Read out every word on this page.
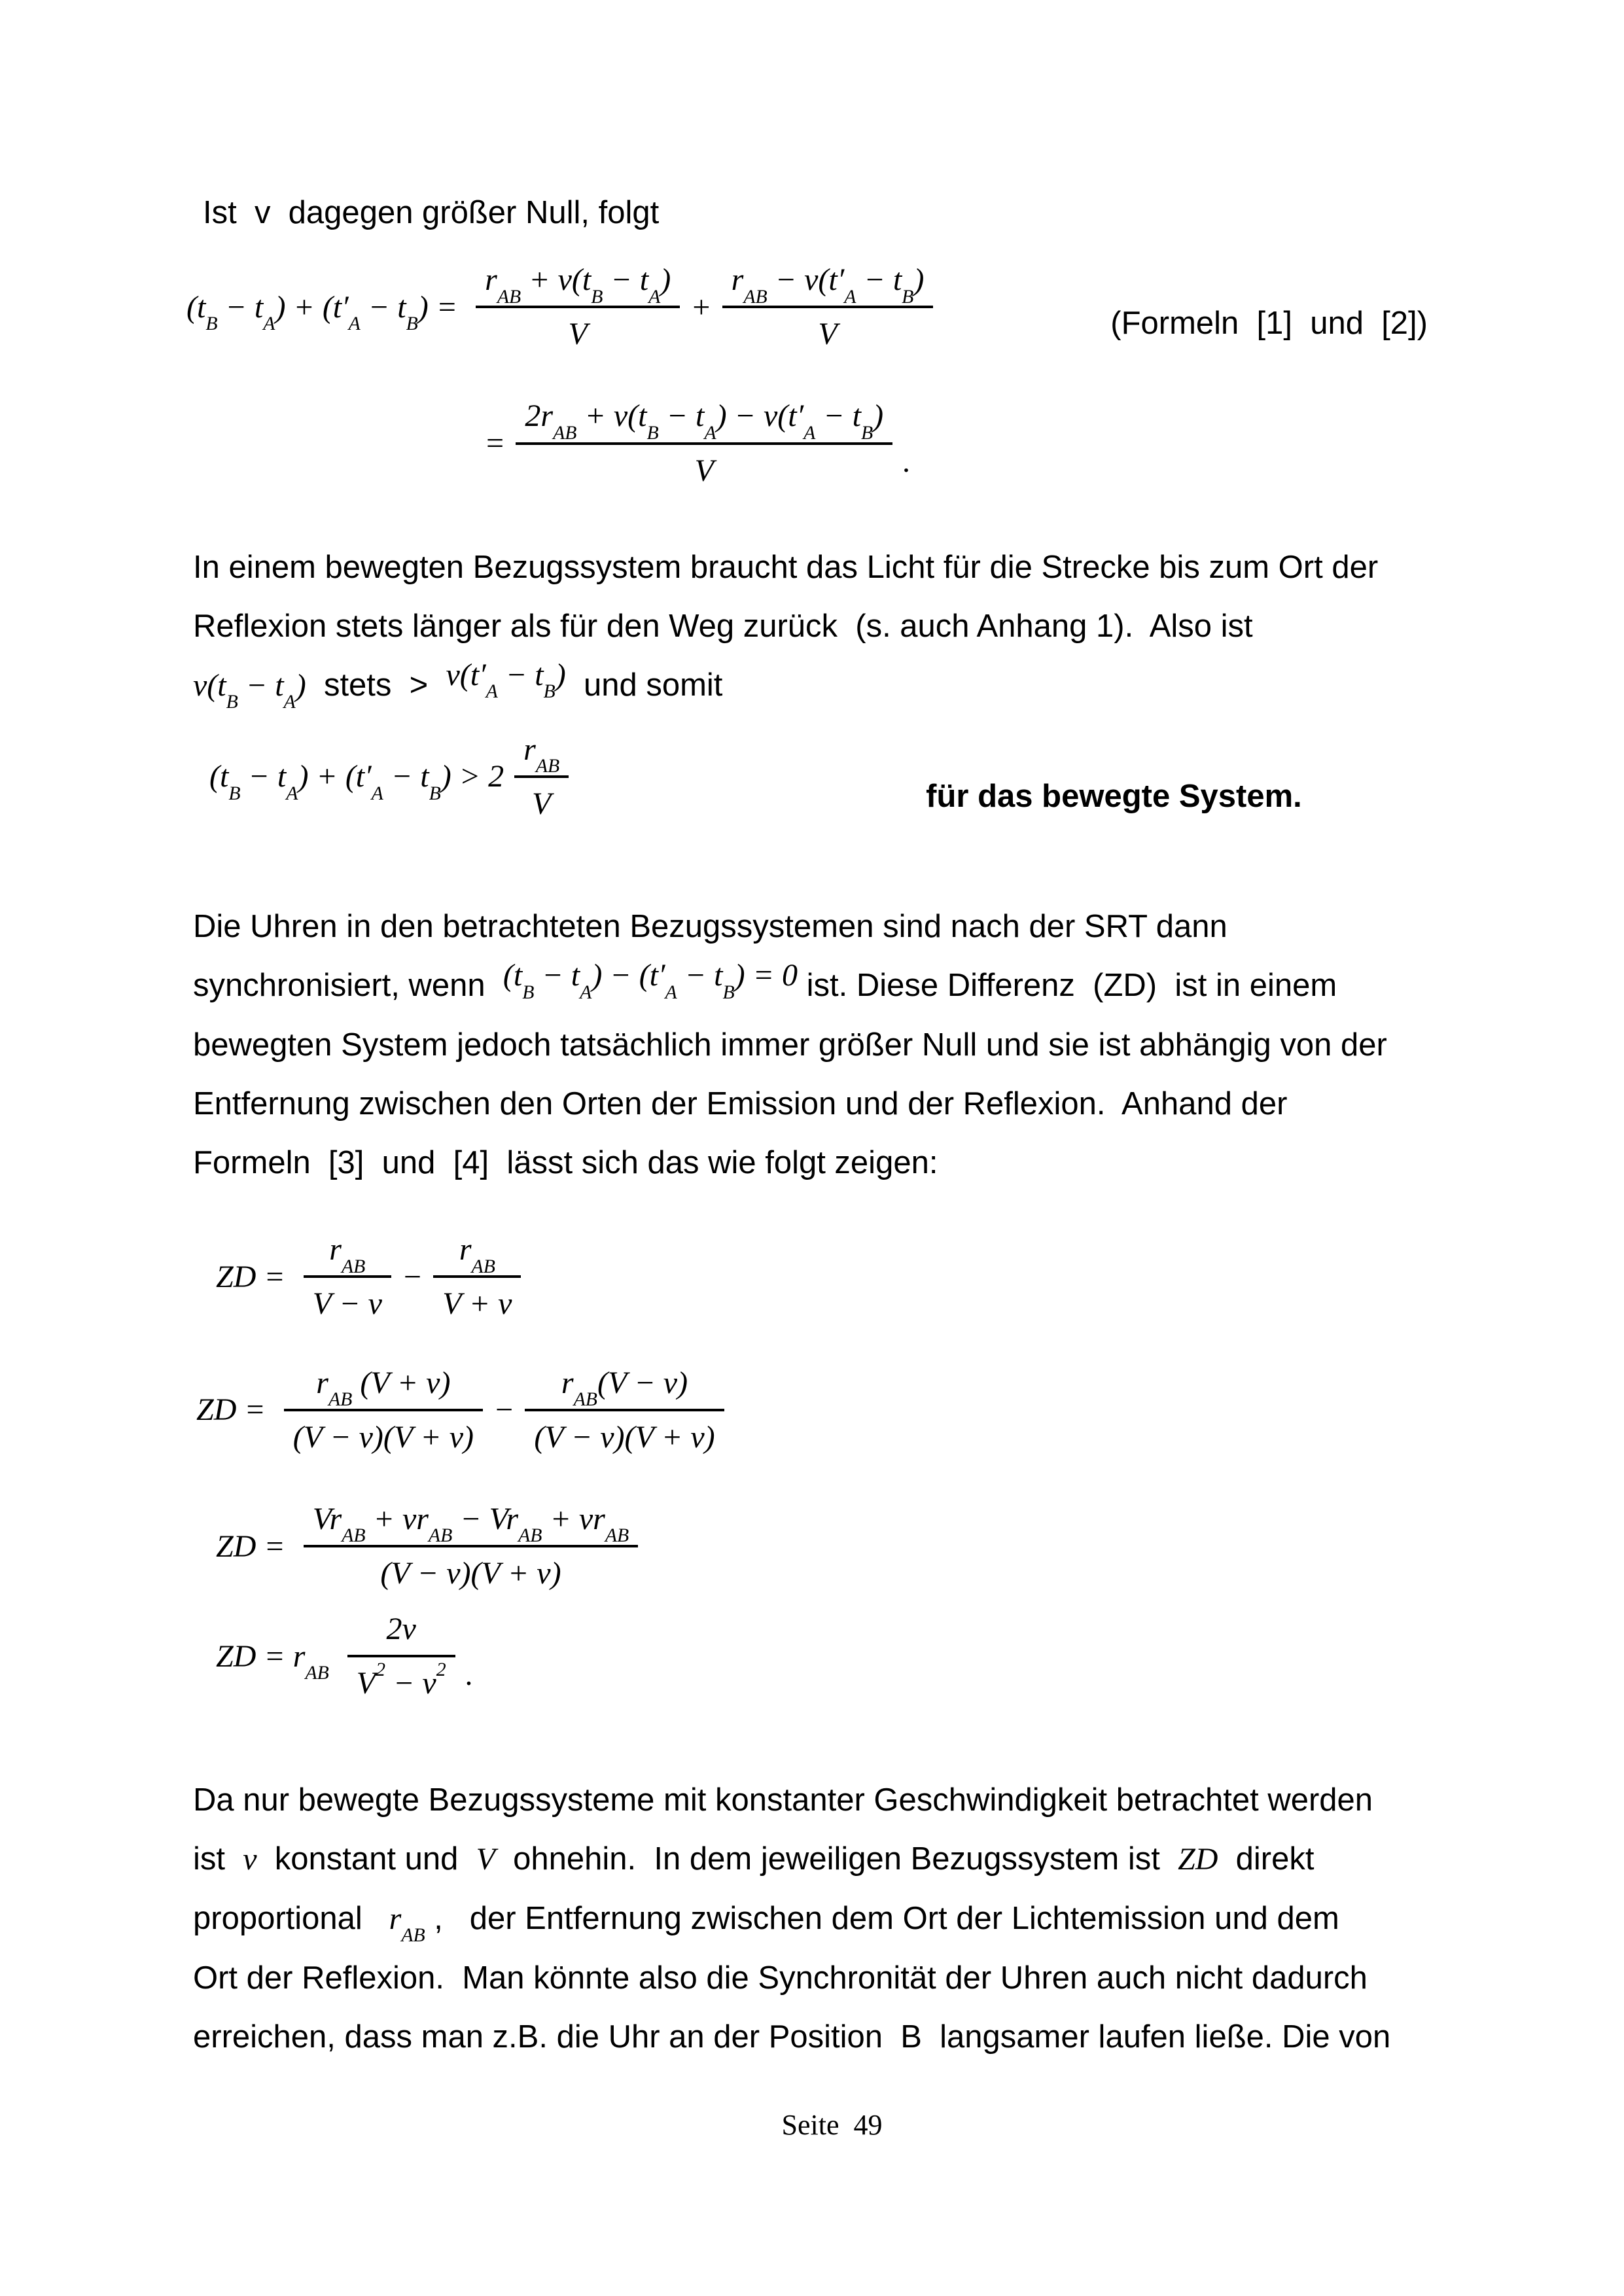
Ist  v  dagegen größer Null, folgt
$(t_B - t_A) + (t'_A - t_B) = \frac{r_{AB} + v(t_B - t_A)}{V} + \frac{r_{AB} - v(t'_A - t_B)}{V}$	(Formeln  [1]  und  [2])
= $\frac{2r_{AB} + v(t_B - t_A) - v(t'_A - t_B)}{V}$ .
In einem bewegten Bezugssystem braucht das Licht für die Strecke bis zum Ort der
Reflexion stets länger als für den Weg zurück  (s. auch Anhang 1).  Also ist
$v(t_B - t_A)$  stets  >  $v(t'_A - t_B)$  und somit
$(t_B - t_A) + (t'_A - t_B) > 2 \frac{r_{AB}}{V}$	für das bewegte System.
Die Uhren in den betrachteten Bezugssystemen sind nach der SRT dann
synchronisiert, wenn  $(t_B - t_A) - (t'_A - t_B) = 0$ ist. Diese Differenz  (ZD)  ist in einem
bewegten System jedoch tatsächlich immer größer Null und sie ist abhängig von der
Entfernung zwischen den Orten der Emission und der Reflexion.  Anhand der
Formeln  [3]  und  [4]  lässt sich das wie folgt zeigen:
ZD = $\frac{r_{AB}}{V - v} - \frac{r_{AB}}{V + v}$
ZD = $\frac{r_{AB} (V + v)}{(V - v)(V + v)} - \frac{r_{AB}(V - v)}{(V - v)(V + v)}$
ZD = $\frac{Vr_{AB} + vr_{AB} - Vr_{AB} + vr_{AB}}{(V - v)(V + v)}$
ZD = $r_{AB} \frac{2v}{V^2 - v^2}$ .
Da nur bewegte Bezugssysteme mit konstanter Geschwindigkeit betrachtet werden
ist  v  konstant und  V  ohnehin.  In dem jeweiligen Bezugssystem ist  ZD  direkt
proportional   $r_{AB}$ ,   der Entfernung zwischen dem Ort der Lichtemission und dem
Ort der Reflexion.  Man könnte also die Synchronität der Uhren auch nicht dadurch
erreichen, dass man z.B. die Uhr an der Position  B  langsamer laufen ließe. Die von

Seite  49
